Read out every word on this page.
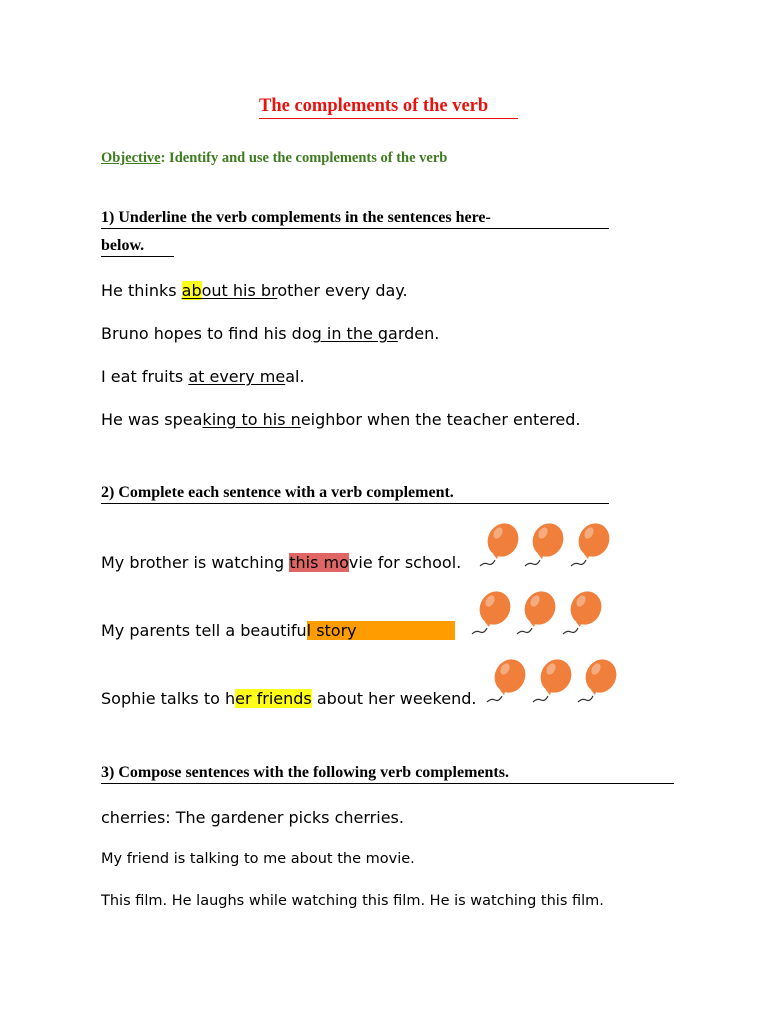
The complements of the verb
Objective: Identify and use the complements of the verb
1) Underline the verb complements in the sentences here-
below.
He thinks about his brother every day.
Bruno hopes to find his dog in the garden.
I eat fruits at every meal.
He was speaking to his neighbor when the teacher entered.
2) Complete each sentence with a verb complement.
My brother is watching this movie for school.
My parents tell a beautiful story
Sophie talks to her friends about her weekend.
3) Compose sentences with the following verb complements.
cherries: The gardener picks cherries.
My friend is talking to me about the movie.
This film. He laughs while watching this film. He is watching this film.
